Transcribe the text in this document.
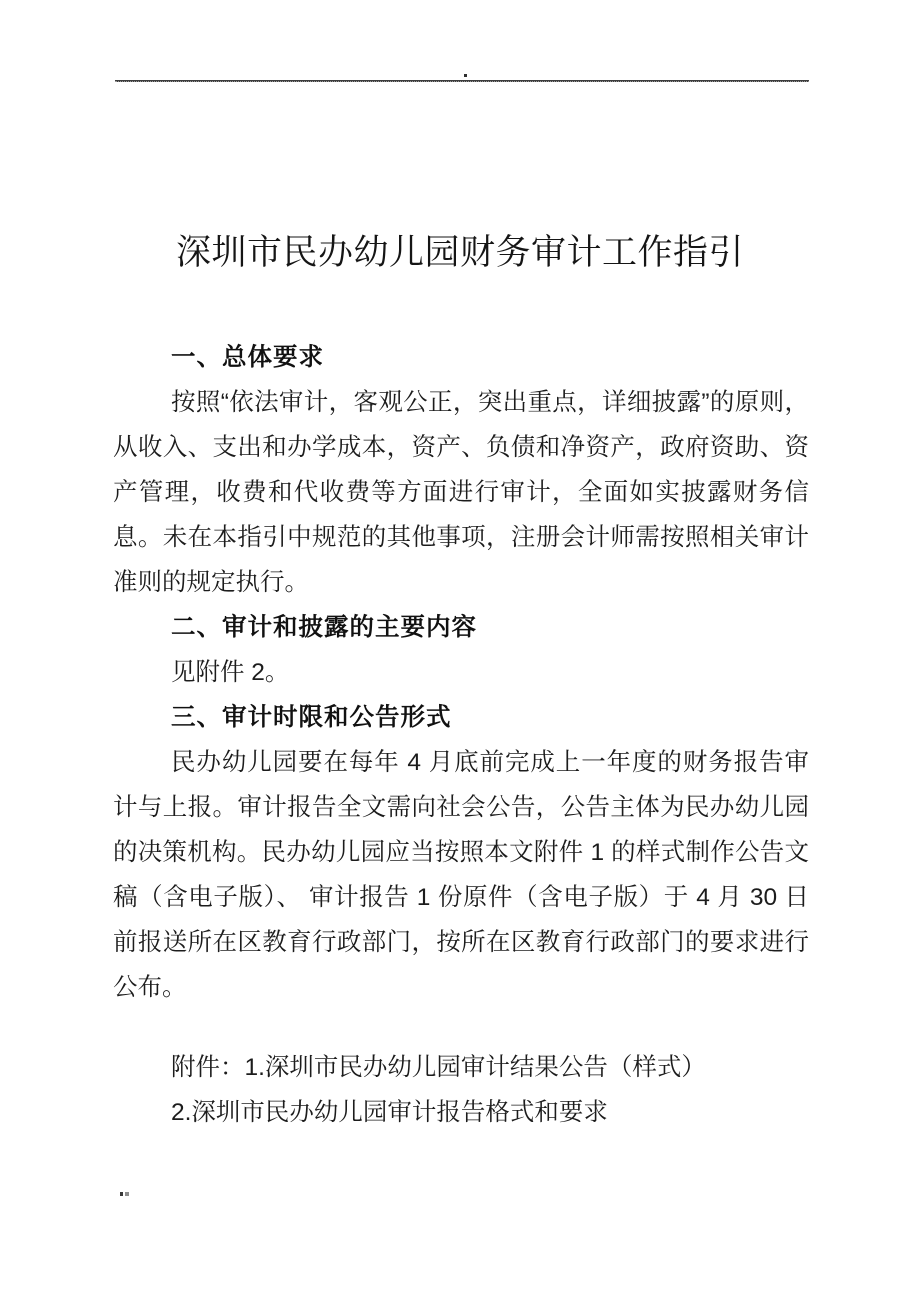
深圳市民办幼儿园财务审计工作指引

一、总体要求

按照“依法审计，客观公正，突出重点，详细披露”的原则，从收入、支出和办学成本，资产、负债和净资产，政府资助、资产管理，收费和代收费等方面进行审计，全面如实披露财务信息。未在本指引中规范的其他事项，注册会计师需按照相关审计准则的规定执行。

二、审计和披露的主要内容

见附件 2。

三、审计时限和公告形式

民办幼儿园要在每年 4 月底前完成上一年度的财务报告审计与上报。审计报告全文需向社会公告，公告主体为民办幼儿园的决策机构。民办幼儿园应当按照本文附件 1 的样式制作公告文稿（含电子版）、 审计报告 1 份原件（含电子版）于 4 月 30 日前报送所在区教育行政部门，按所在区教育行政部门的要求进行公布。

附件：1.深圳市民办幼儿园审计结果公告（样式）

2.深圳市民办幼儿园审计报告格式和要求
